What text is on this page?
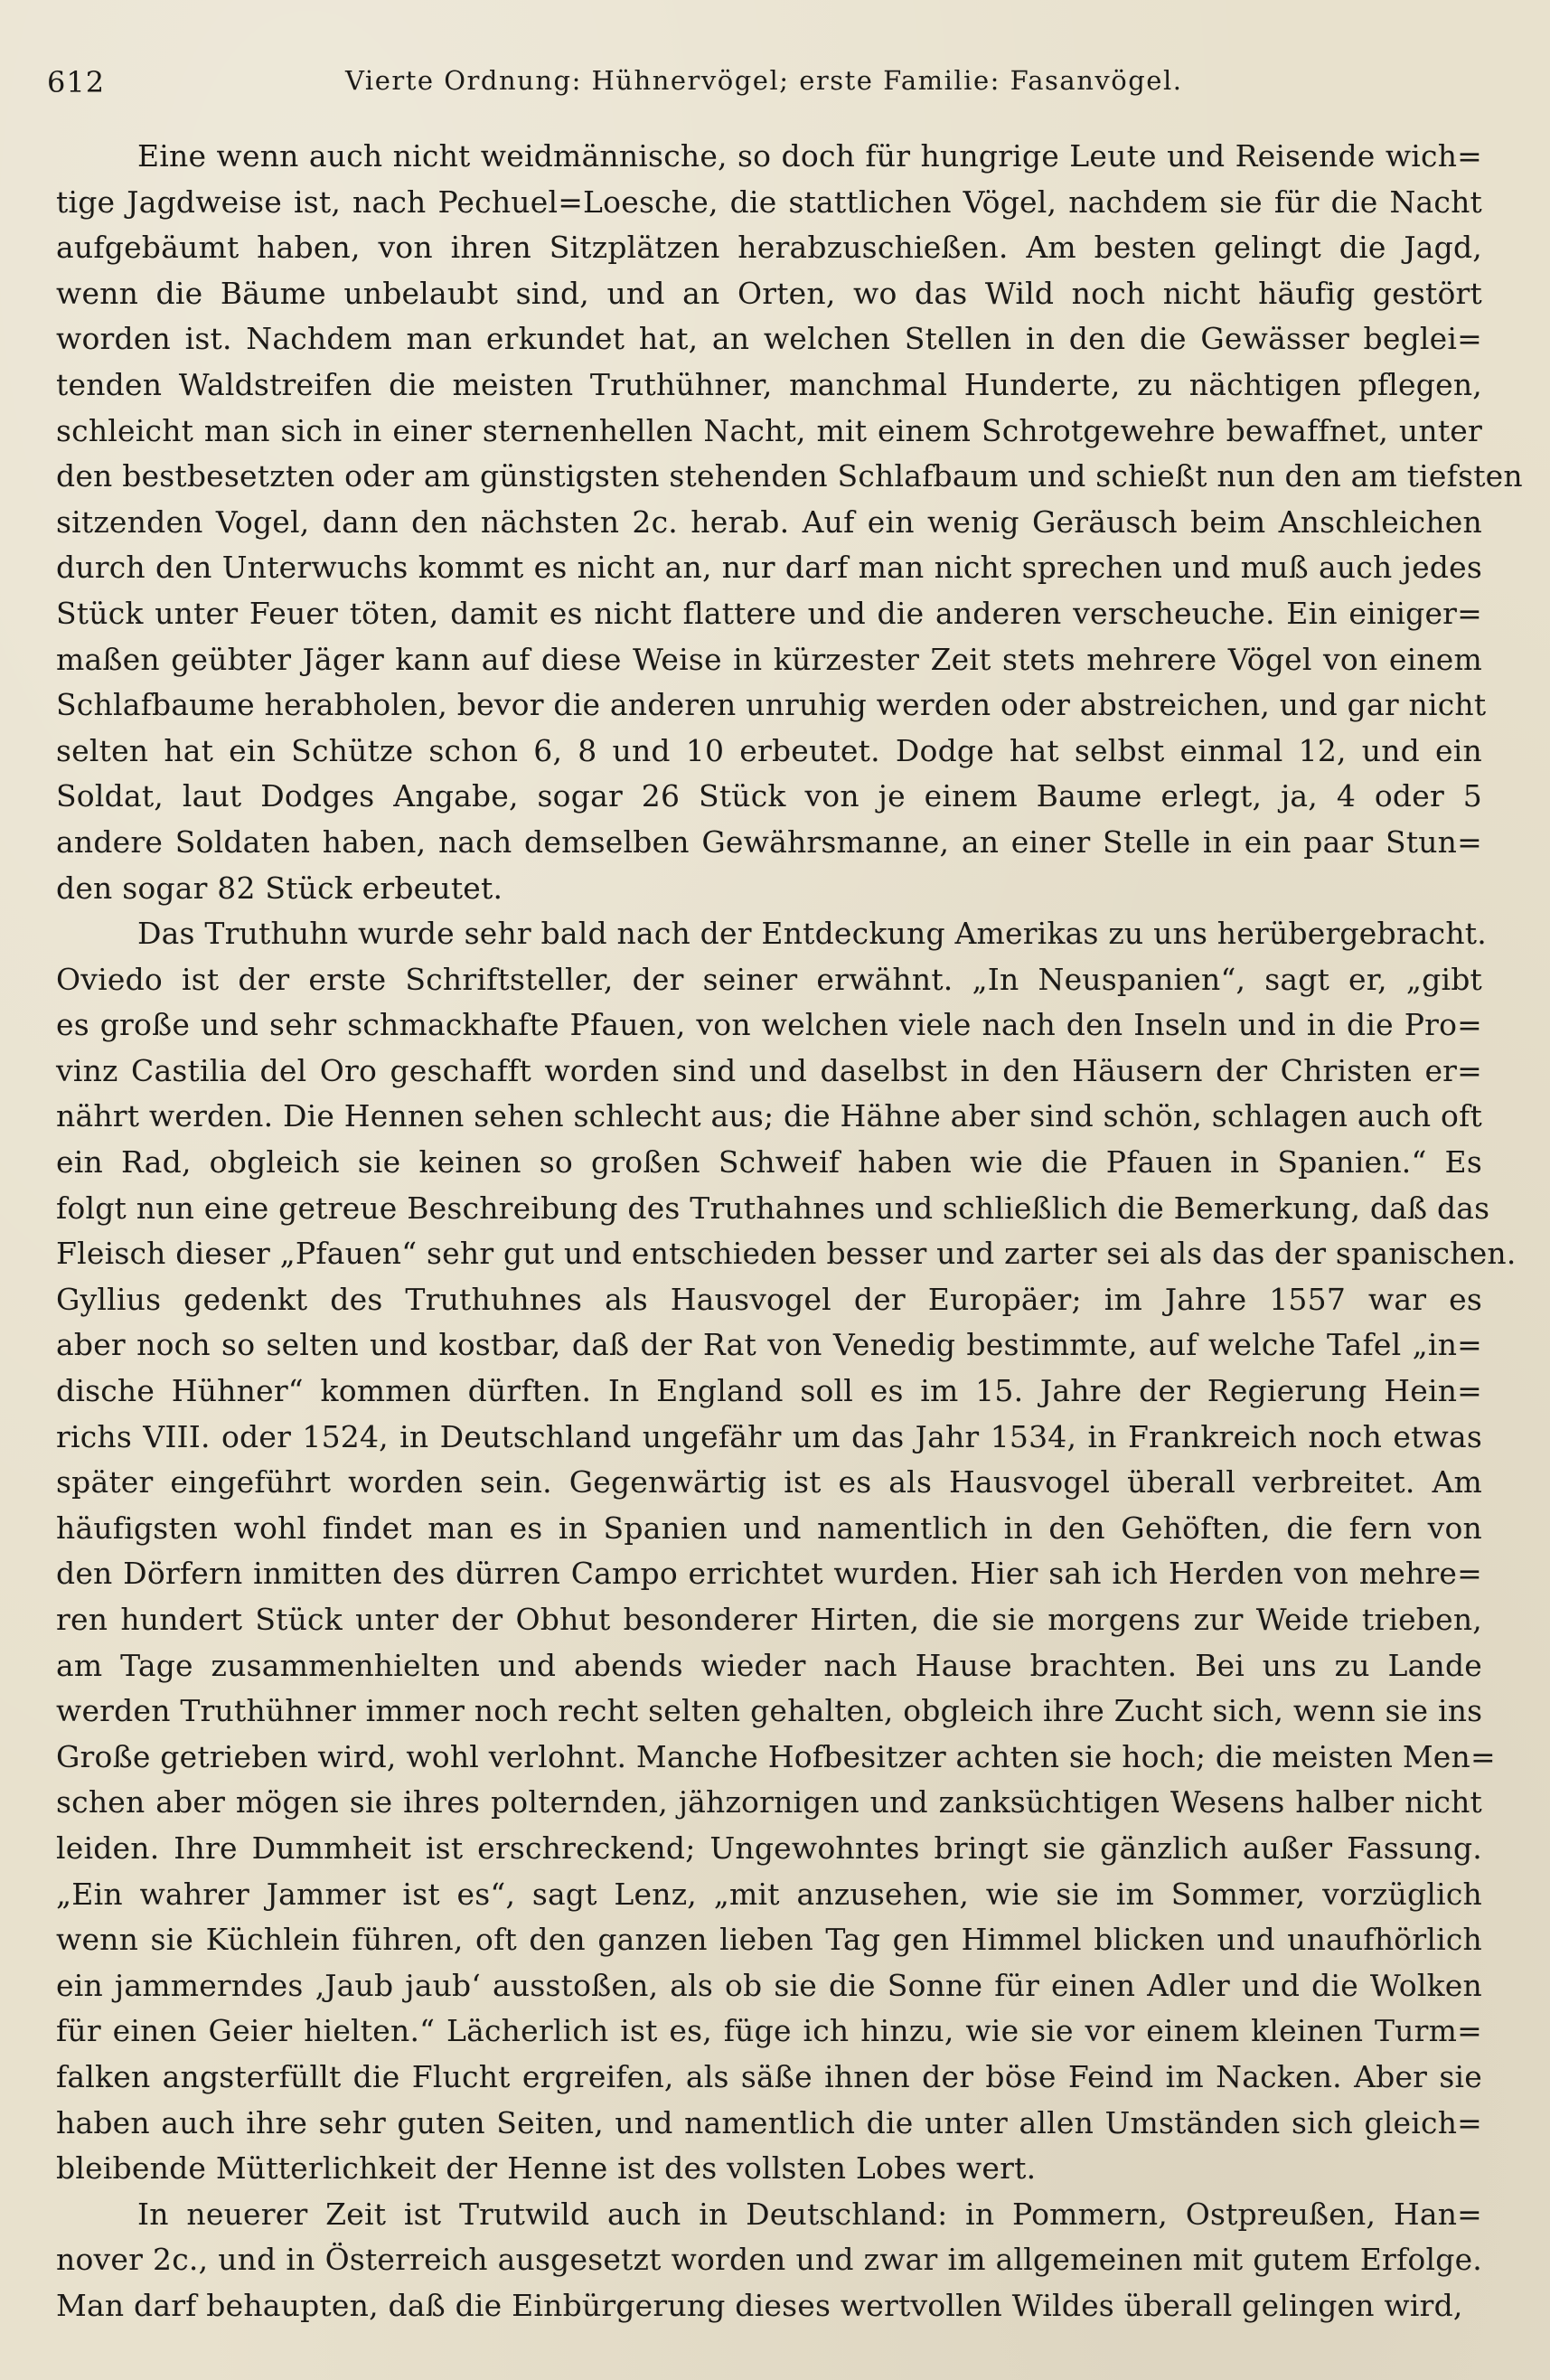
612	Vierte Ordnung: Hühnervögel; erste Familie: Fasanvögel.
Eine wenn auch nicht weidmännische, so doch für hungrige Leute und Reisende wich=
tige Jagdweise ist, nach Pechuel=Loesche, die stattlichen Vögel, nachdem sie für die Nacht
aufgebäumt haben, von ihren Sitzplätzen herabzuschießen. Am besten gelingt die Jagd,
wenn die Bäume unbelaubt sind, und an Orten, wo das Wild noch nicht häufig gestört
worden ist. Nachdem man erkundet hat, an welchen Stellen in den die Gewässer beglei=
tenden Waldstreifen die meisten Truthühner, manchmal Hunderte, zu nächtigen pflegen,
schleicht man sich in einer sternenhellen Nacht, mit einem Schrotgewehre bewaffnet, unter
den bestbesetzten oder am günstigsten stehenden Schlafbaum und schießt nun den am tiefsten
sitzenden Vogel, dann den nächsten 2c. herab. Auf ein wenig Geräusch beim Anschleichen
durch den Unterwuchs kommt es nicht an, nur darf man nicht sprechen und muß auch jedes
Stück unter Feuer töten, damit es nicht flattere und die anderen verscheuche. Ein einiger=
maßen geübter Jäger kann auf diese Weise in kürzester Zeit stets mehrere Vögel von einem
Schlafbaume herabholen, bevor die anderen unruhig werden oder abstreichen, und gar nicht
selten hat ein Schütze schon 6, 8 und 10 erbeutet. Dodge hat selbst einmal 12, und ein
Soldat, laut Dodges Angabe, sogar 26 Stück von je einem Baume erlegt, ja, 4 oder 5
andere Soldaten haben, nach demselben Gewährsmanne, an einer Stelle in ein paar Stun=
den sogar 82 Stück erbeutet.
Das Truthuhn wurde sehr bald nach der Entdeckung Amerikas zu uns herübergebracht.
Oviedo ist der erste Schriftsteller, der seiner erwähnt. „In Neuspanien“, sagt er, „gibt
es große und sehr schmackhafte Pfauen, von welchen viele nach den Inseln und in die Pro=
vinz Castilia del Oro geschafft worden sind und daselbst in den Häusern der Christen er=
nährt werden. Die Hennen sehen schlecht aus; die Hähne aber sind schön, schlagen auch oft
ein Rad, obgleich sie keinen so großen Schweif haben wie die Pfauen in Spanien.“ Es
folgt nun eine getreue Beschreibung des Truthahnes und schließlich die Bemerkung, daß das
Fleisch dieser „Pfauen“ sehr gut und entschieden besser und zarter sei als das der spanischen.
Gyllius gedenkt des Truthuhnes als Hausvogel der Europäer; im Jahre 1557 war es
aber noch so selten und kostbar, daß der Rat von Venedig bestimmte, auf welche Tafel „in=
dische Hühner“ kommen dürften. In England soll es im 15. Jahre der Regierung Hein=
richs VIII. oder 1524, in Deutschland ungefähr um das Jahr 1534, in Frankreich noch etwas
später eingeführt worden sein. Gegenwärtig ist es als Hausvogel überall verbreitet. Am
häufigsten wohl findet man es in Spanien und namentlich in den Gehöften, die fern von
den Dörfern inmitten des dürren Campo errichtet wurden. Hier sah ich Herden von mehre=
ren hundert Stück unter der Obhut besonderer Hirten, die sie morgens zur Weide trieben,
am Tage zusammenhielten und abends wieder nach Hause brachten. Bei uns zu Lande
werden Truthühner immer noch recht selten gehalten, obgleich ihre Zucht sich, wenn sie ins
Große getrieben wird, wohl verlohnt. Manche Hofbesitzer achten sie hoch; die meisten Men=
schen aber mögen sie ihres polternden, jähzornigen und zanksüchtigen Wesens halber nicht
leiden. Ihre Dummheit ist erschreckend; Ungewohntes bringt sie gänzlich außer Fassung.
„Ein wahrer Jammer ist es“, sagt Lenz, „mit anzusehen, wie sie im Sommer, vorzüglich
wenn sie Küchlein führen, oft den ganzen lieben Tag gen Himmel blicken und unaufhörlich
ein jammerndes ‚Jaub jaub‘ ausstoßen, als ob sie die Sonne für einen Adler und die Wolken
für einen Geier hielten.“ Lächerlich ist es, füge ich hinzu, wie sie vor einem kleinen Turm=
falken angsterfüllt die Flucht ergreifen, als säße ihnen der böse Feind im Nacken. Aber sie
haben auch ihre sehr guten Seiten, und namentlich die unter allen Umständen sich gleich=
bleibende Mütterlichkeit der Henne ist des vollsten Lobes wert.
In neuerer Zeit ist Trutwild auch in Deutschland: in Pommern, Ostpreußen, Han=
nover 2c., und in Österreich ausgesetzt worden und zwar im allgemeinen mit gutem Erfolge.
Man darf behaupten, daß die Einbürgerung dieses wertvollen Wildes überall gelingen wird,
